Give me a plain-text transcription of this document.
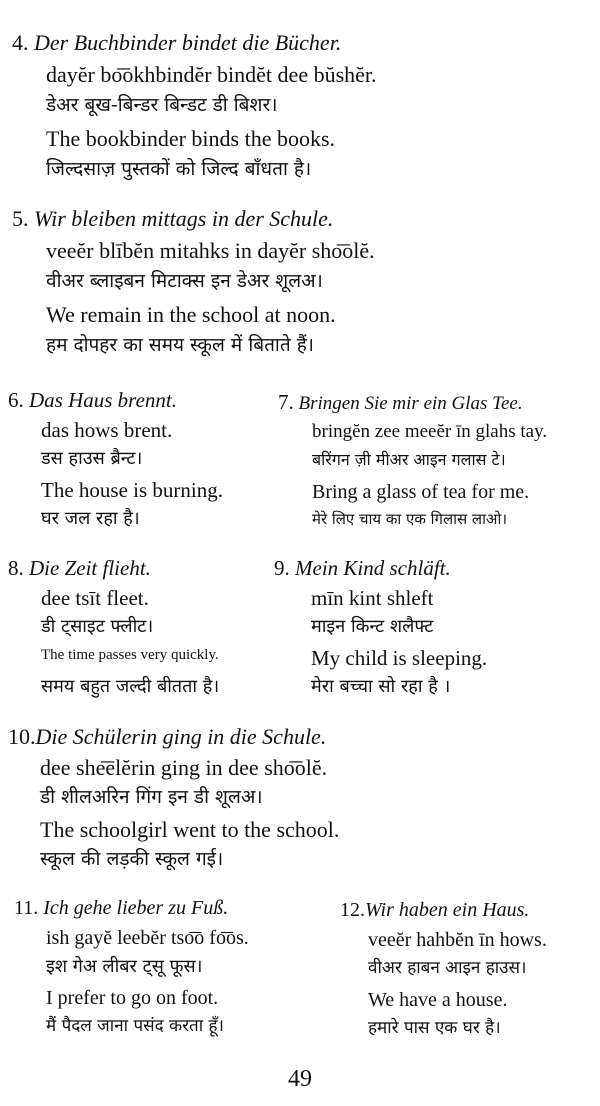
4. Der Buchbinder bindet die Bücher.
dayĕr bo͞okhbindĕr bindĕt dee bŭshĕr.
डेअर बूख-बिन्डर बिन्डट डी बिशर।
The bookbinder binds the books.
जिल्दसाज़ पुस्तकों को जिल्द बाँधता है।
5. Wir bleiben mittags in der Schule.
veeĕr blībĕn mitahks in dayĕr sho͞olĕ.
वीअर ब्लाइबन मिटाक्स इन डेअर शूलअ।
We remain in the school at noon.
हम दोपहर का समय स्कूल में बिताते हैं।
6. Das Haus brennt.
das hows brent.
डस हाउस ब्रैन्ट।
The house is burning.
घर जल रहा है।
7. Bringen Sie mir ein Glas Tee.
bringĕn zee meeĕr īn glahs tay.
बरिंगन ज़ी मीअर आइन गलास टे।
Bring a glass of tea for me.
मेरे लिए चाय का एक गिलास लाओ।
8. Die Zeit flieht.
dee tsīt fleet.
डी ट्साइट फ्लीट।
The time passes very quickly.
समय बहुत जल्दी बीतता है।
9. Mein Kind schläft.
mīn kint shleft
माइन किन्ट शलैफ्ट
My child is sleeping.
मेरा बच्चा सो रहा है ।
10.Die Schülerin ging in die Schule.
dee she͞elĕrin ging in dee sho͞olĕ.
डी शीलअरिन गिंग इन डी शूलअ।
The schoolgirl went to the school.
स्कूल की लड़की स्कूल गई।
11. Ich gehe lieber zu Fuß.
ish gayĕ leebĕr tso͞o fo͞os.
इश गेअ लीबर ट्सू फूस।
I prefer to go on foot.
मैं पैदल जाना पसंद करता हूँ।
12.Wir haben ein Haus.
veeĕr hahbĕn īn hows.
वीअर हाबन आइन हाउस।
We have a house.
हमारे पास एक घर है।
49
